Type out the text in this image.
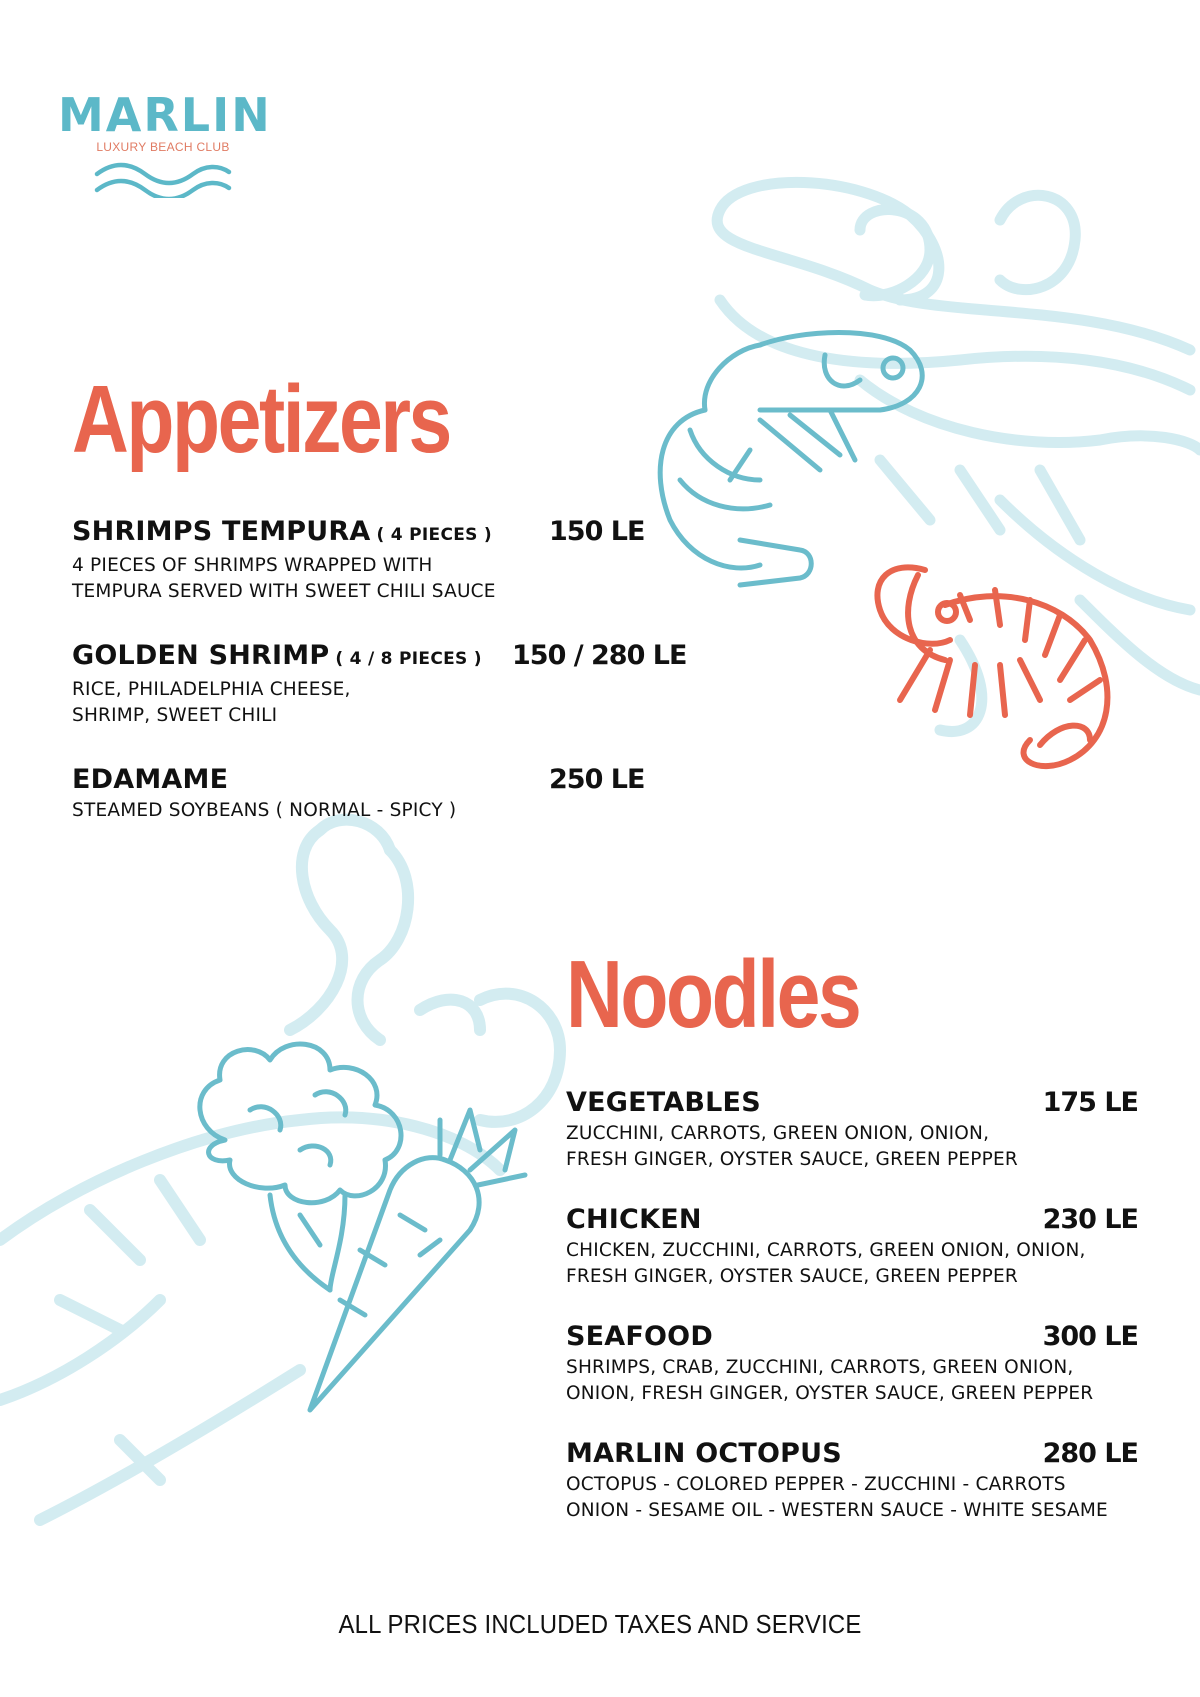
MARLIN
LUXURY BEACH CLUB
Appetizers
SHRIMPS TEMPURA ( 4 PIECES )	150 LE
4 PIECES OF SHRIMPS WRAPPED WITH
TEMPURA SERVED WITH SWEET CHILI SAUCE
GOLDEN SHRIMP ( 4 / 8 PIECES )	150 / 280 LE
RICE, PHILADELPHIA CHEESE,
SHRIMP, SWEET CHILI
EDAMAME	250 LE
STEAMED SOYBEANS ( NORMAL - SPICY )
Noodles
VEGETABLES	175 LE
ZUCCHINI, CARROTS, GREEN ONION, ONION,
FRESH GINGER, OYSTER SAUCE, GREEN PEPPER
CHICKEN	230 LE
CHICKEN, ZUCCHINI, CARROTS, GREEN ONION, ONION,
FRESH GINGER, OYSTER SAUCE, GREEN PEPPER
SEAFOOD	300 LE
SHRIMPS, CRAB, ZUCCHINI, CARROTS, GREEN ONION,
ONION, FRESH GINGER, OYSTER SAUCE, GREEN PEPPER
MARLIN OCTOPUS	280 LE
OCTOPUS - COLORED PEPPER - ZUCCHINI - CARROTS
ONION - SESAME OIL - WESTERN SAUCE - WHITE SESAME
ALL PRICES INCLUDED TAXES AND SERVICE
